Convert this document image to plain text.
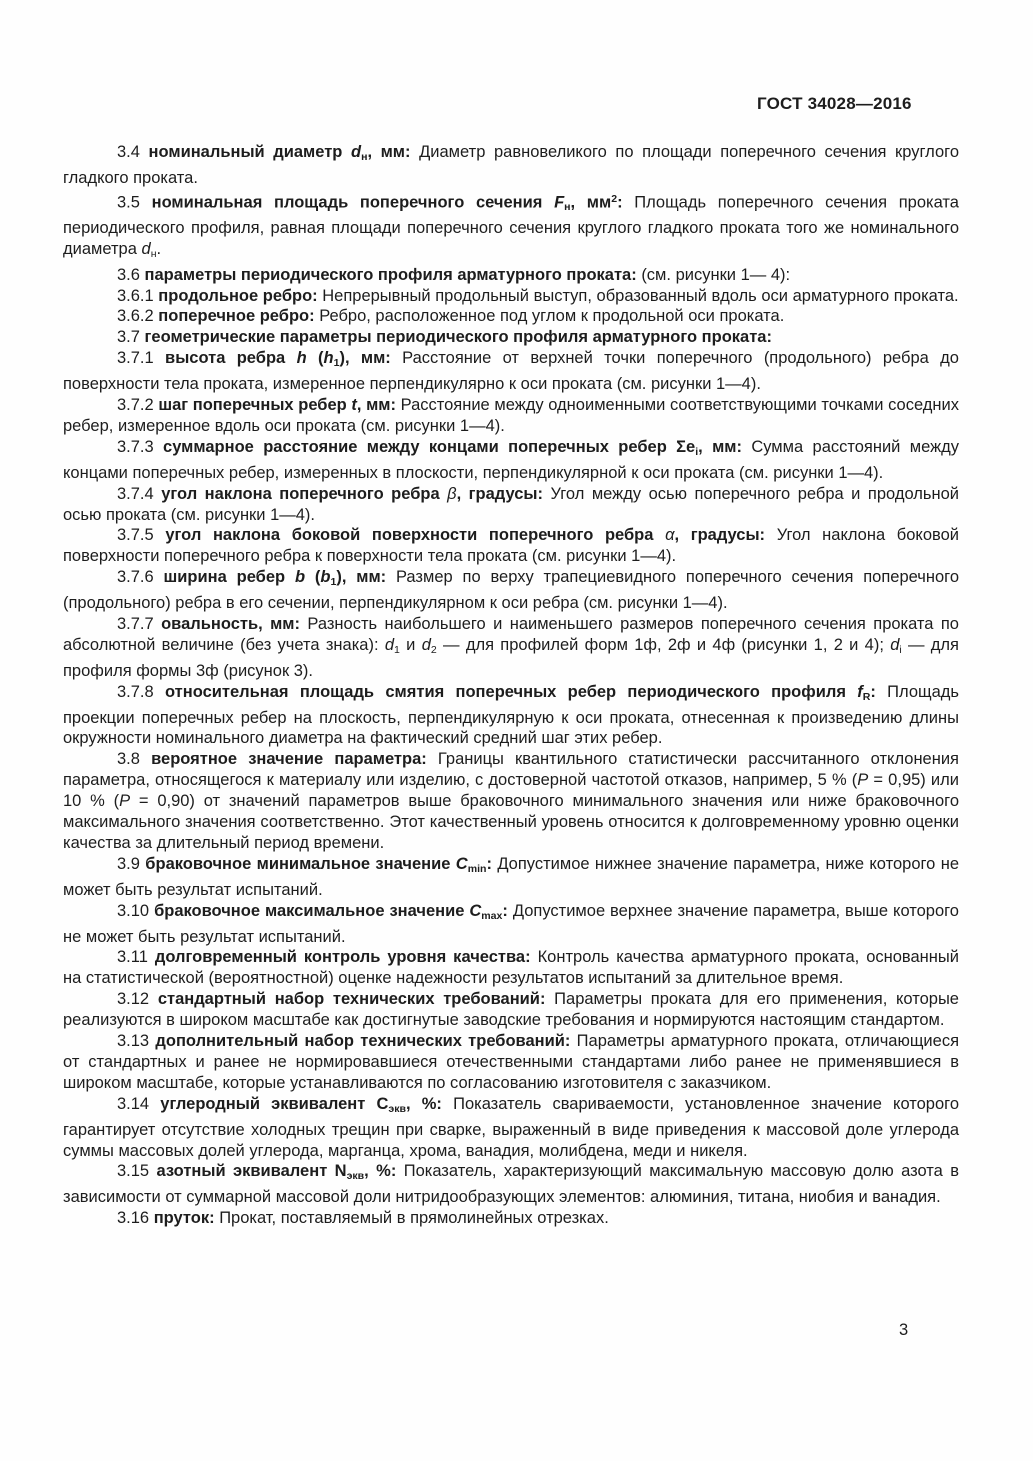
ГОСТ 34028—2016

3.4 номинальный диаметр dн, мм: Диаметр равновеликого по площади поперечного сечения круглого гладкого проката.

3.5 номинальная площадь поперечного сечения Fн, $мм^2$: Площадь поперечного сечения проката периодического профиля, равная площади поперечного сечения круглого гладкого проката того же номинального диаметра dн.

3.6 параметры периодического профиля арматурного проката: (см. рисунки 1— 4):

3.6.1 продольное ребро: Непрерывный продольный выступ, образованный вдоль оси арматурного проката.

3.6.2 поперечное ребро: Ребро, расположенное под углом к продольной оси проката.

3.7 геометрические параметры периодического профиля арматурного проката:

3.7.1 высота ребра h (h1), мм: Расстояние от верхней точки поперечного (продольного) ребра до поверхности тела проката, измеренное перпендикулярно к оси проката (см. рисунки 1—4).

3.7.2 шаг поперечных ребер t, мм: Расстояние между одноименными соответствующими точками соседних ребер, измеренное вдоль оси проката (см. рисунки 1—4).

3.7.3 суммарное расстояние между концами поперечных ребер Σei, мм: Сумма расстояний между концами поперечных ребер, измеренных в плоскости, перпендикулярной к оси проката (см. рисунки 1—4).

3.7.4 угол наклона поперечного ребра β, градусы: Угол между осью поперечного ребра и продольной осью проката (см. рисунки 1—4).

3.7.5 угол наклона боковой поверхности поперечного ребра α, градусы: Угол наклона боковой поверхности поперечного ребра к поверхности тела проката (см. рисунки 1—4).

3.7.6 ширина ребер b (b1), мм: Размер по верху трапециевидного поперечного сечения поперечного (продольного) ребра в его сечении, перпендикулярном к оси ребра (см. рисунки 1—4).

3.7.7 овальность, мм: Разность наибольшего и наименьшего размеров поперечного сечения проката по абсолютной величине (без учета знака): d1 и d2 — для профилей форм 1ф, 2ф и 4ф (рисунки 1, 2 и 4); di — для профиля формы 3ф (рисунок 3).

3.7.8 относительная площадь смятия поперечных ребер периодического профиля fR: Площадь проекции поперечных ребер на плоскость, перпендикулярную к оси проката, отнесенная к произведению длины окружности номинального диаметра на фактический средний шаг этих ребер.

3.8 вероятное значение параметра: Границы квантильного статистически рассчитанного отклонения параметра, относящегося к материалу или изделию, с достоверной частотой отказов, например, 5 % (P = 0,95) или 10 % (P = 0,90) от значений параметров выше браковочного минимального значения или ниже браковочного максимального значения соответственно. Этот качественный уровень относится к долговременному уровню оценки качества за длительный период времени.

3.9 браковочное минимальное значение Cmin: Допустимое нижнее значение параметра, ниже которого не может быть результат испытаний.

3.10 браковочное максимальное значение Cmax: Допустимое верхнее значение параметра, выше которого не может быть результат испытаний.

3.11 долговременный контроль уровня качества: Контроль качества арматурного проката, основанный на статистической (вероятностной) оценке надежности результатов испытаний за длительное время.

3.12 стандартный набор технических требований: Параметры проката для его применения, которые реализуются в широком масштабе как достигнутые заводские требования и нормируются настоящим стандартом.

3.13 дополнительный набор технических требований: Параметры арматурного проката, отличающиеся от стандартных и ранее не нормировавшиеся отечественными стандартами либо ранее не применявшиеся в широком масштабе, которые устанавливаются по согласованию изготовителя с заказчиком.

3.14 углеродный эквивалент Сэкв, %: Показатель свариваемости, установленное значение которого гарантирует отсутствие холодных трещин при сварке, выраженный в виде приведения к массовой доле углерода суммы массовых долей углерода, марганца, хрома, ванадия, молибдена, меди и никеля.

3.15 азотный эквивалент Nэкв, %: Показатель, характеризующий максимальную массовую долю азота в зависимости от суммарной массовой доли нитридообразующих элементов: алюминия, титана, ниобия и ванадия.

3.16 пруток: Прокат, поставляемый в прямолинейных отрезках.

3
